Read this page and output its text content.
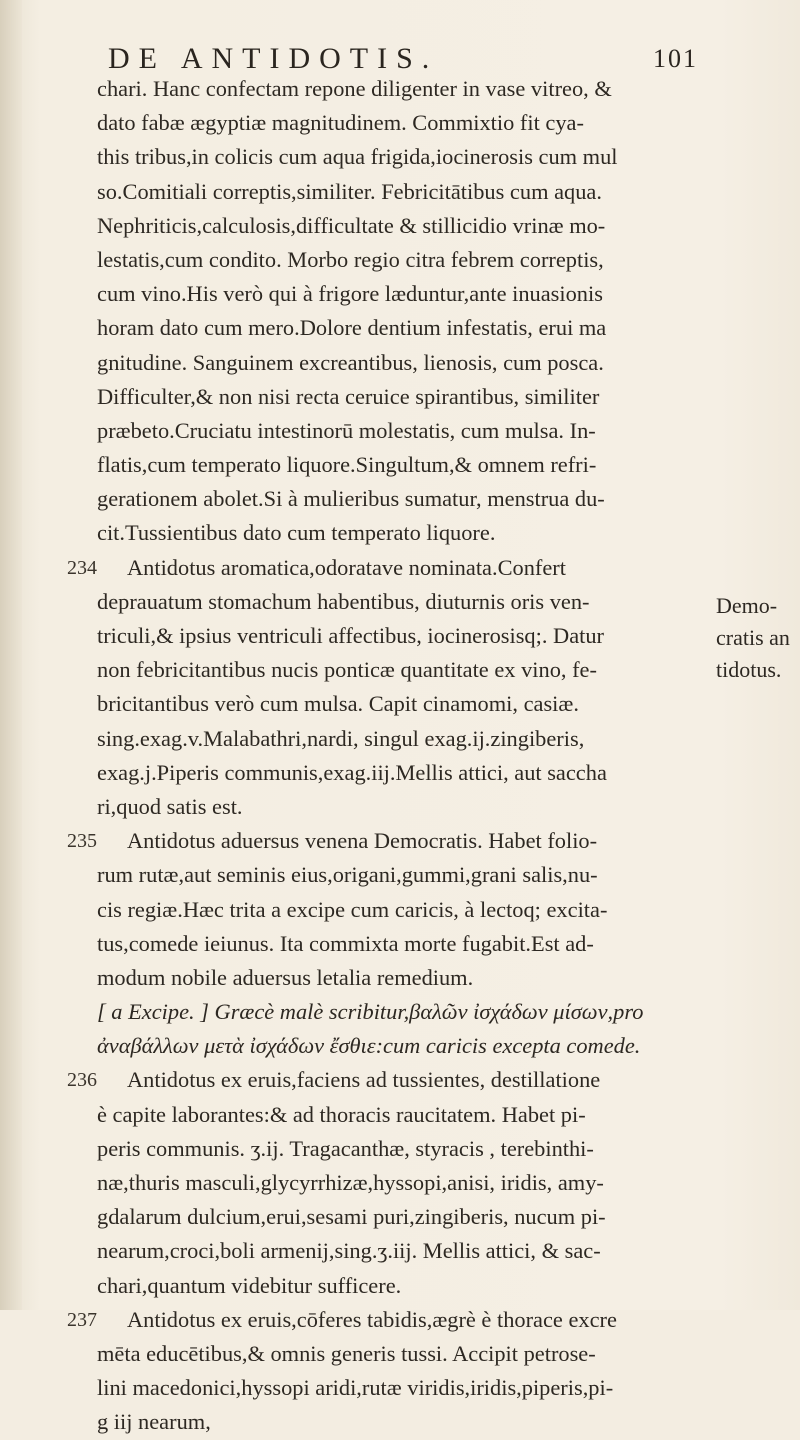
DE ANTIDOTIS.	101
chari. Hanc confectam repone diligenter in vase vitreo, &
dato fabæ ægyptiæ magnitudinem. Commixtio fit cya-
this tribus,in colicis cum aqua frigida,iocinerosis cum mul
so.Comitiali correptis,similiter. Febricitātibus cum aqua.
Nephriticis,calculosis,difficultate & stillicidio vrinæ mo-
lestatis,cum condito. Morbo regio citra febrem correptis,
cum vino.His verò qui à frigore læduntur,ante inuasionis
horam dato cum mero.Dolore dentium infestatis, erui ma
gnitudine. Sanguinem excreantibus, lienosis, cum posca.
Difficulter,& non nisi recta ceruice spirantibus, similiter
præbeto.Cruciatu intestinorū molestatis, cum mulsa. In-
flatis,cum temperato liquore.Singultum,& omnem refri-
gerationem abolet.Si à mulieribus sumatur, menstrua du-
cit.Tussientibus dato cum temperato liquore.
234 Antidotus aromatica,odoratave nominata.Confert
deprauatum stomachum habentibus, diuturnis oris ven-
triculi,& ipsius ventriculi affectibus, iocinerosisq;. Datur
non febricitantibus nucis ponticæ quantitate ex vino, fe-
bricitantibus verò cum mulsa. Capit cinamomi, casiæ.
sing.exag.v.Malabathri,nardi, singul exag.ij.zingiberis,
exag.j.Piperis communis,exag.iij.Mellis attici, aut saccha
ri,quod satis est.
235 Antidotus aduersus venena Democratis. Habet folio-
rum rutæ,aut seminis eius,origani,gummi,grani salis,nu-
cis regiæ.Hæc trita a excipe cum caricis, à lectoq; excita-
tus,comede ieiunus. Ita commixta morte fugabit.Est ad-
modum nobile aduersus letalia remedium.
[ a Excipe. ] Græcè malè scribitur,βαλῶν ἰσχάδων μίσων,pro
ἀναβάλλων μετὰ ἰσχάδων ἔσθιε:cum caricis excepta comede.
236 Antidotus ex eruis,faciens ad tussientes, destillatione
è capite laborantes:& ad thoracis raucitatem. Habet pi-
peris communis. ʒ.ij. Tragacanthæ, styracis , terebinthi-
næ,thuris masculi,glycyrrhizæ,hyssopi,anisi, iridis, amy-
gdalarum dulcium,erui,sesami puri,zingiberis, nucum pi-
nearum,croci,boli armenij,sing.ʒ.iij. Mellis attici, & sac-
chari,quantum videbitur sufficere.
237 Antidotus ex eruis,cōferes tabidis,ægrè è thorace excre
mēta educētibus,& omnis generis tussi. Accipit petrose-
lini macedonici,hyssopi aridi,rutæ viridis,iridis,piperis,pi-
g iij nearum,
Demo-
cratis an
tidotus.
